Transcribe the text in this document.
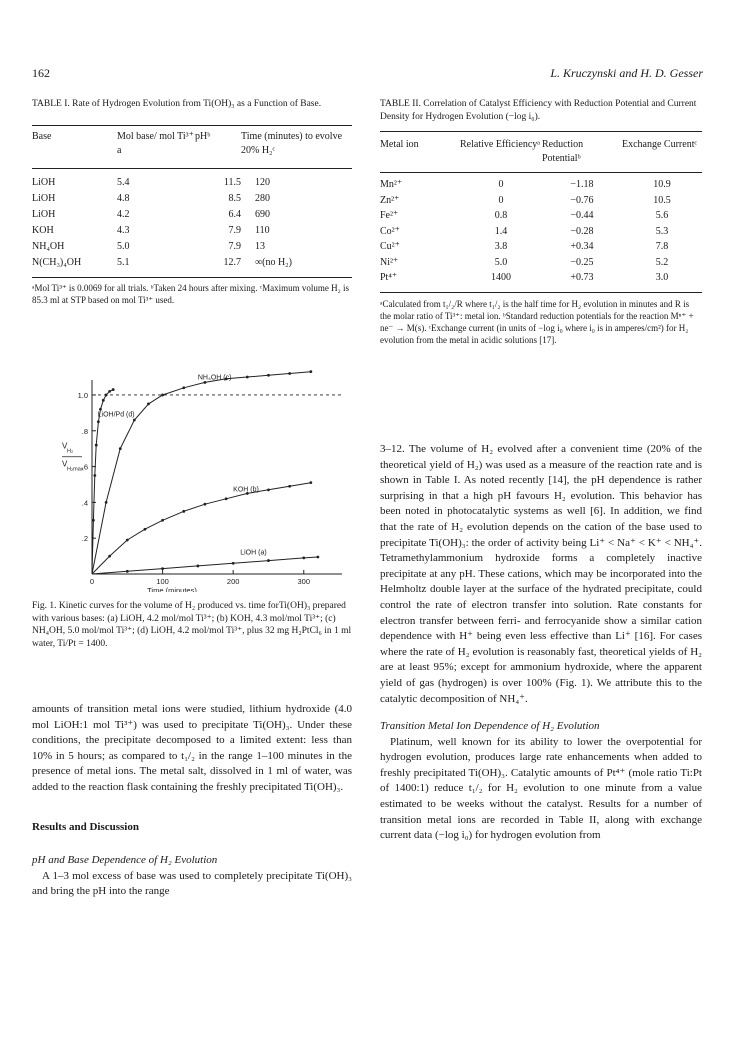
162	L. Kruczynski and H. D. Gesser
TABLE I. Rate of Hydrogen Evolution from Ti(OH)₃ as a Function of Base.
Base	Mol base/ mol Ti³⁺ a	pHᵇ	Time (minutes) to evolve 20% H₂ᶜ
LiOH	5.4	11.5	120
LiOH	4.8	8.5	280
LiOH	4.2	6.4	690
KOH	4.3	7.9	110
NH₄OH	5.0	7.9	13
N(CH₃)₄OH	5.1	12.7	∞(no H₂)
ᵃMol Ti³⁺ is 0.0069 for all trials. ᵇTaken 24 hours after mixing. ᶜMaximum volume H₂ is 85.3 ml at STP based on mol Ti³⁺ used.
TABLE II. Correlation of Catalyst Efficiency with Reduction Potential and Current Density for Hydrogen Evolution (−log i₀).
Metal ion	Relative Efficiencyᵃ	Reduction Potentialᵇ	Exchange Currentᶜ
Mn²⁺	0	−1.18	10.9
Zn²⁺	0	−0.76	10.5
Fe²⁺	0.8	−0.44	5.6
Co²⁺	1.4	−0.28	5.3
Cu²⁺	3.8	+0.34	7.8
Ni²⁺	5.0	−0.25	5.2
Pt⁴⁺	1400	+0.73	3.0
ᵃCalculated from t₁/₂/R where t₁/₂ is the half time for H₂ evolution in minutes and R is the molar ratio of Ti³⁺: metal ion. ᵇStandard reduction potentials for the reaction Mⁿ⁺ + ne⁻ → M(s). ᶜExchange current (in units of −log i₀ where i₀ is in amperes/cm²) for H₂ evolution from the metal in acidic solutions [17].
0	100	200	300
.2
.4
.6
.8
1.0
Time (minutes)
V
H₂
V
H₂max
NH₄OH (c)
LiOH/Pd (d)
KOH (b)
LiOH (a)
Fig. 1. Kinetic curves for the volume of H₂ produced vs. time forTi(OH)₃ prepared with various bases: (a) LiOH, 4.2 mol/mol Ti³⁺; (b) KOH, 4.3 mol/mol Ti³⁺; (c) NH₄OH, 5.0 mol/mol Ti³⁺; (d) LiOH, 4.2 mol/mol Ti³⁺, plus 32 mg H₂PtCl₆ in 1 ml water, Ti/Pt = 1400.

amounts of transition metal ions were studied, lithium hydroxide (4.0 mol LiOH:1 mol Ti³⁺) was used to precipitate Ti(OH)₃. Under these conditions, the precipitate decomposed to a limited extent: less than 10% in 5 hours; as compared to t₁/₂ in the range 1–100 minutes in the presence of metal ions. The metal salt, dissolved in 1 ml of water, was added to the reaction flask containing the freshly precipitated Ti(OH)₃.

Results and Discussion
pH and Base Dependence of H₂ Evolution

A 1–3 mol excess of base was used to completely precipitate Ti(OH)₃ and bring the pH into the range

3–12. The volume of H₂ evolved after a convenient time (20% of the theoretical yield of H₂) was used as a measure of the reaction rate and is shown in Table I. As noted recently [14], the pH dependence is rather surprising in that a high pH favours H₂ evolution. This behavior has been noted in photocatalytic systems as well [6]. In addition, we find that the rate of H₂ evolution depends on the cation of the base used to precipitate Ti(OH)₃: the order of activity being Li⁺ < Na⁺ < K⁺ < NH₄⁺. Tetramethylammonium hydroxide forms a completely inactive precipitate at any pH. These cations, which may be incorporated into the Helmholtz double layer at the surface of the hydrated precipitate, could control the rate of electron transfer into solution. Rate constants for electron transfer between ferri- and ferrocyanide show a similar cation dependence with H⁺ being even less effective than Li⁺ [16]. For cases where the rate of H₂ evolution is reasonably fast, theoretical yields of H₂ are at least 95%; except for ammonium hydroxide, where the apparent yield of gas (hydrogen) is over 100% (Fig. 1). We attribute this to the catalytic decomposition of NH₄⁺.

Transition Metal Ion Dependence of H₂ Evolution

Platinum, well known for its ability to lower the overpotential for hydrogen evolution, produces large rate enhancements when added to freshly precipitated Ti(OH)₃. Catalytic amounts of Pt⁴⁺ (mole ratio Ti:Pt of 1400:1) reduce t₁/₂ for H₂ evolution to one minute from a value estimated to be weeks without the catalyst. Results for a number of transition metal ions are recorded in Table II, along with exchange current data (−log i₀) for hydrogen evolution from
